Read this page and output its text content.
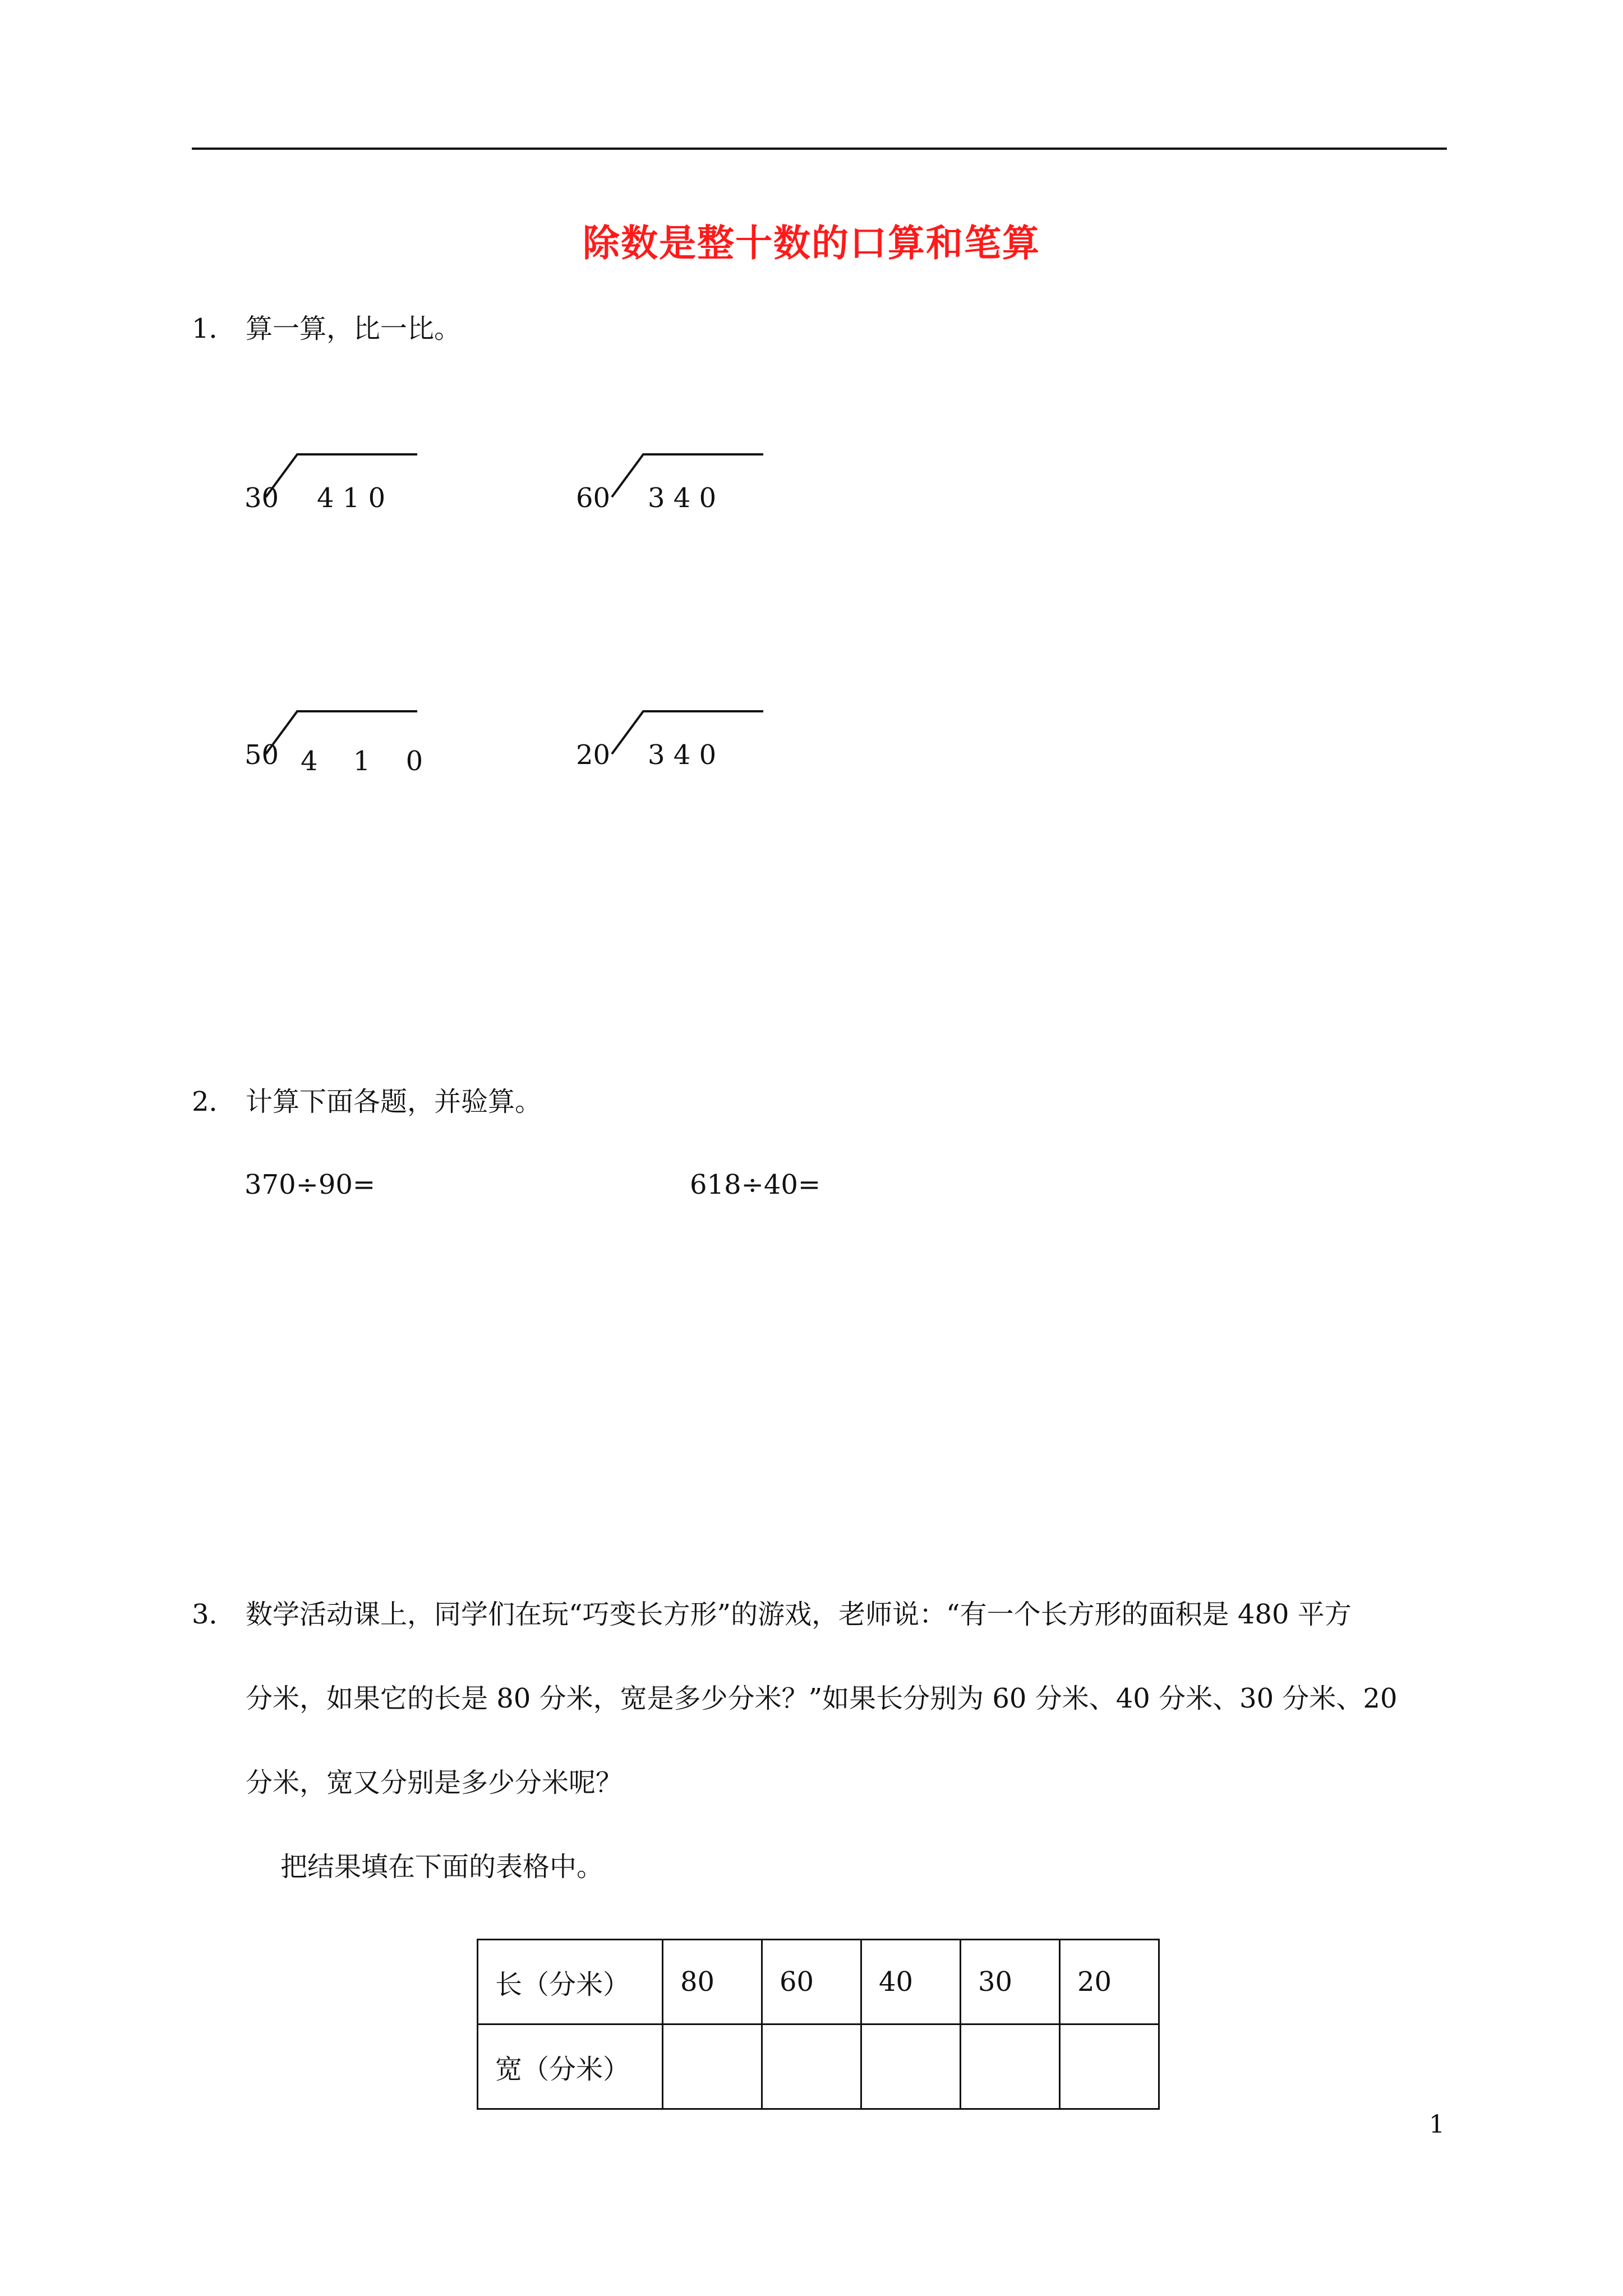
除数是整十数的口算和笔算
1． 算一算，比一比。
30 4 1 0	60 3 4 0
50 4 　1 　0	20 3 4 0
2． 计算下面各题，并验算。
370÷90=	618÷40=
3． 数学活动课上，同学们在玩“巧变长方形”的游戏，老师说：“有一个长方形的面积是 480 平方
分米，如果它的长是 80 分米，宽是多少分米？”如果长分别为 60 分米、40 分米、30 分米、20
分米，宽又分别是多少分米呢？
把结果填在下面的表格中。
长（分米）	80	60	40	30	20
宽（分米）					
1
